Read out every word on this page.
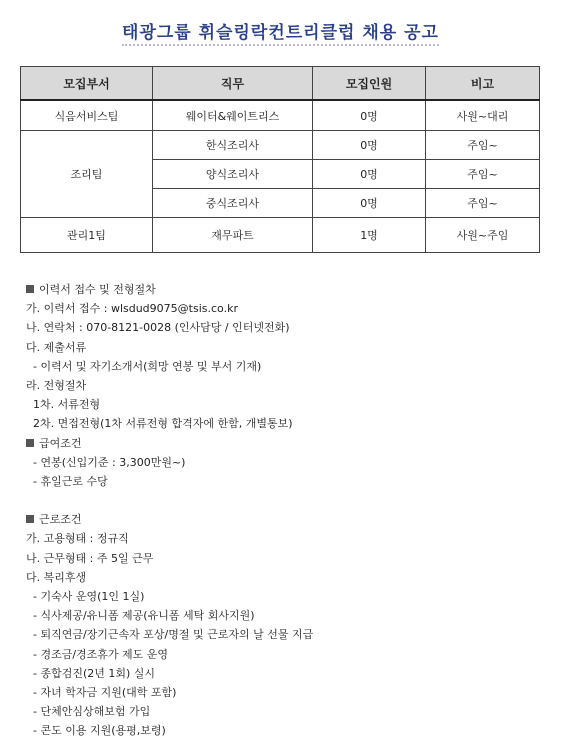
태광그룹 휘슬링락컨트리클럽 채용 공고
모집부서	직무	모집인원	비고
식음서비스팀	웨이터&웨이트리스	0명	사원~대리
조리팀	한식조리사	0명	주임~
	양식조리사	0명	주임~
	중식조리사	0명	주임~
관리1팀	재무파트	1명	사원~주임
이력서 접수 및 전형절차
가. 이력서 접수 : wlsdud9075@tsis.co.kr
나. 연락처 : 070-8121-0028 (인사담당 / 인터넷전화)
다. 제출서류
- 이력서 및 자기소개서(희망 연봉 및 부서 기재)
라. 전형절차
1차. 서류전형
2차. 면접전형(1차 서류전형 합격자에 한함, 개별통보)
급여조건
- 연봉(신입기준 : 3,300만원~)
- 휴일근로 수당
근로조건
가. 고용형태 : 정규직
나. 근무형태 : 주 5일 근무
다. 복리후생
- 기숙사 운영(1인 1실)
- 식사제공/유니폼 제공(유니폼 세탁 회사지원)
- 퇴직연금/장기근속자 포상/명절 및 근로자의 날 선물 지급
- 경조금/경조휴가 제도 운영
- 종합검진(2년 1회) 실시
- 자녀 학자금 지원(대학 포함)
- 단체안심상해보험 가입
- 콘도 이용 지원(용평,보령)
